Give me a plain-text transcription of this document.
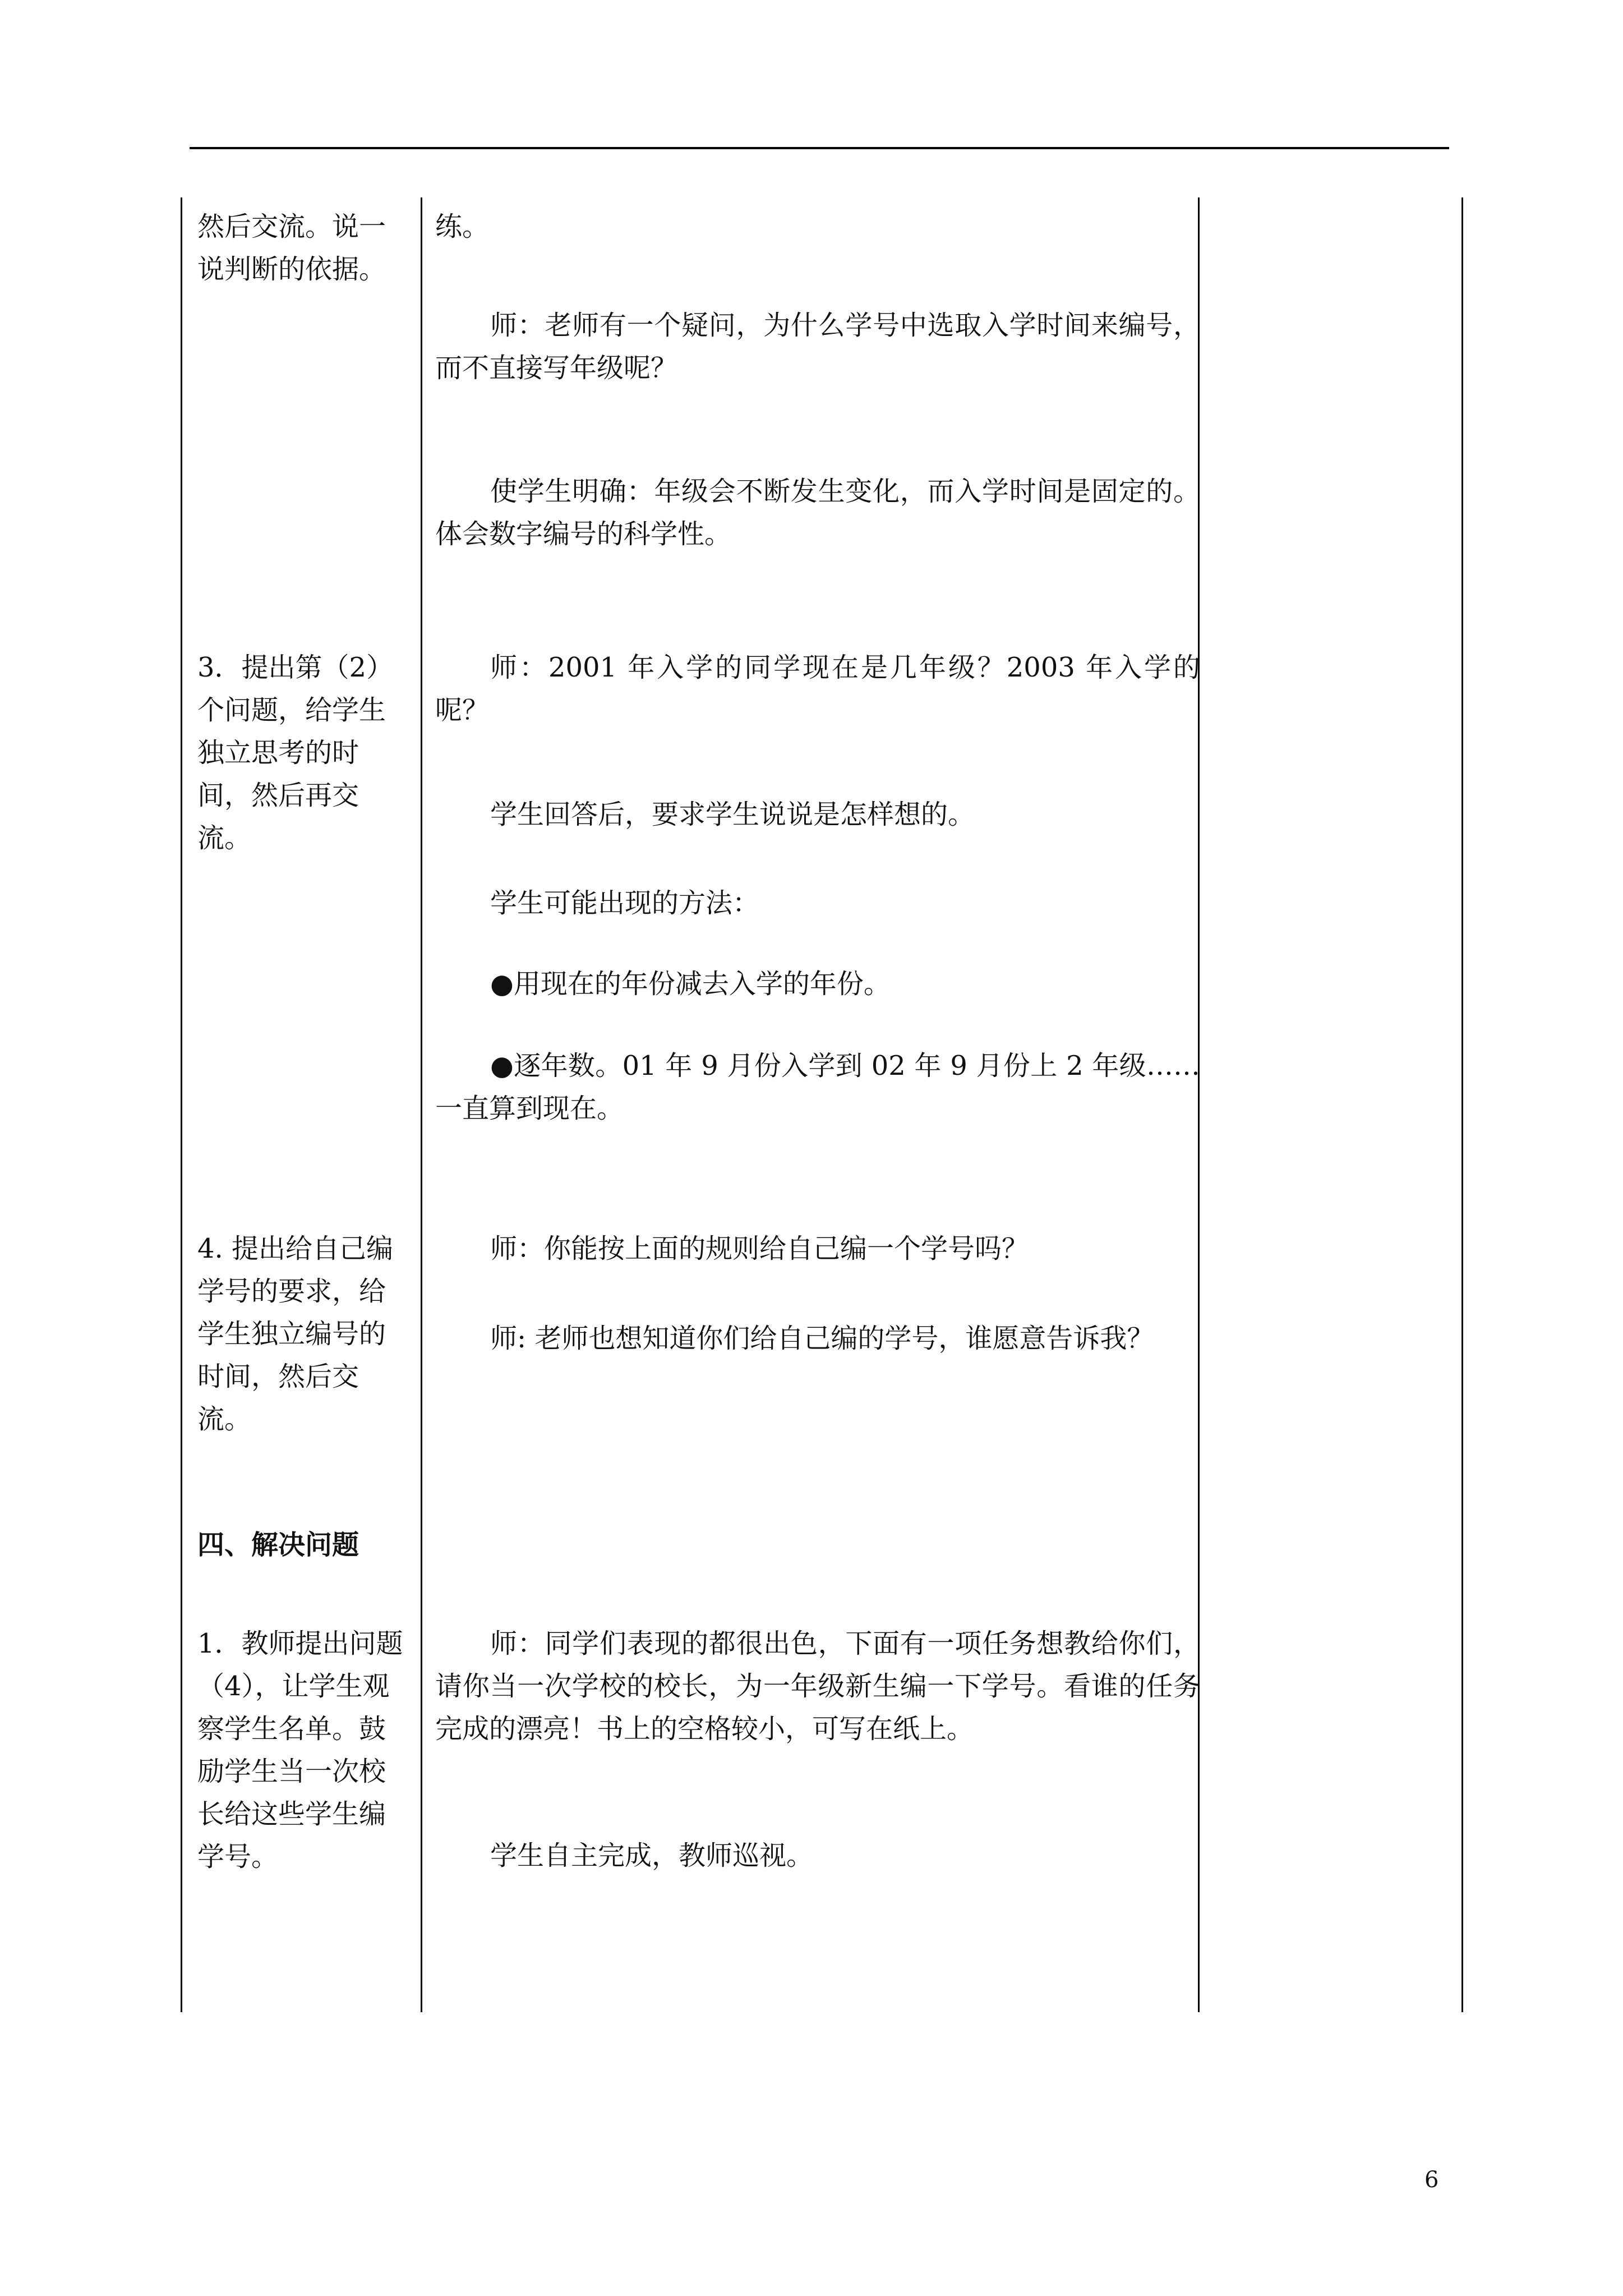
然后交流。说一说判断的依据。

3．提出第（2）个问题，给学生独立思考的时间，然后再交流。

4. 提出给自己编学号的要求，给学生独立编号的时间，然后交流。

四、解决问题

1．教师提出问题（4），让学生观察学生名单。鼓励学生当一次校长给这些学生编学号。

练。

师：老师有一个疑问，为什么学号中选取入学时间来编号，而不直接写年级呢？

使学生明确：年级会不断发生变化，而入学时间是固定的。体会数字编号的科学性。

师：2001 年入学的同学现在是几年级？2003 年入学的呢？

学生回答后，要求学生说说是怎样想的。

学生可能出现的方法：

●用现在的年份减去入学的年份。

●逐年数。01 年 9 月份入学到 02 年 9 月份上 2 年级……一直算到现在。

师：你能按上面的规则给自己编一个学号吗？

师: 老师也想知道你们给自己编的学号，谁愿意告诉我？

师：同学们表现的都很出色，下面有一项任务想教给你们，请你当一次学校的校长，为一年级新生编一下学号。看谁的任务完成的漂亮！书上的空格较小，可写在纸上。

学生自主完成，教师巡视。

6
